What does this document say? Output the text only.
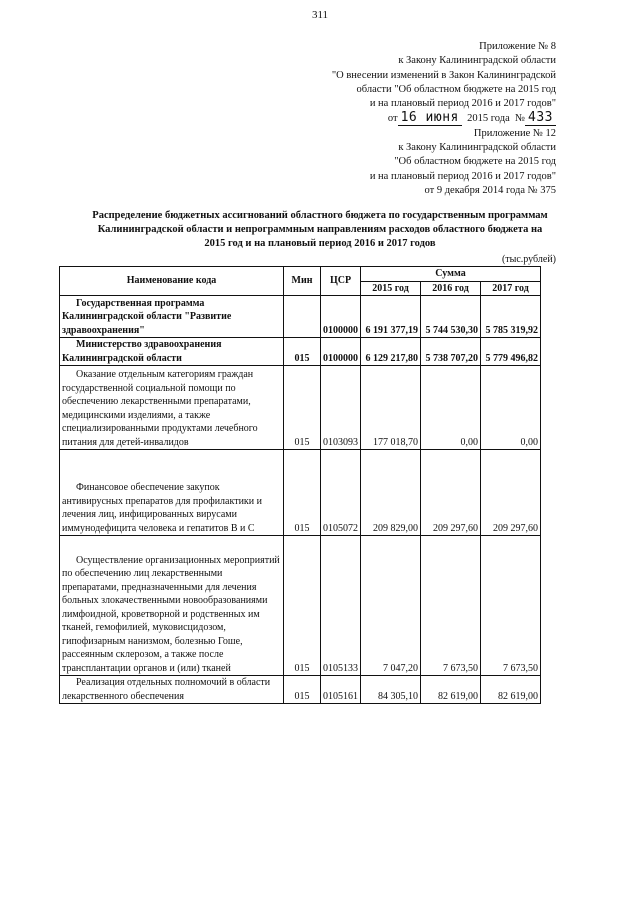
311
Приложение № 8
к Закону Калининградской области
"О внесении изменений в Закон Калининградской
области "Об областном бюджете на 2015 год
и на плановый период 2016 и 2017 годов"
от 16 июня 2015 года № 433
Приложение № 12
к Закону Калининградской области
"Об областном бюджете на 2015 год
и на плановый период 2016 и 2017 годов"
от 9 декабря 2014 года № 375
Распределение бюджетных ассигнований областного бюджета по государственным программам
Калининградской области и непрограммным направлениям расходов областного бюджета на
2015 год и на плановый период 2016 и 2017 годов
(тыс.рублей)
Наименование кода	Мин	ЦСР	Сумма		
			2015 год	2016 год	2017 год
Государственная программа Калининградской области "Развитие здравоохранения"		0100000	6 191 377,19	5 744 530,30	5 785 319,92
Министерство здравоохранения Калининградской области	015	0100000	6 129 217,80	5 738 707,20	5 779 496,82
Оказание отдельным категориям граждан государственной социальной помощи по обеспечению лекарственными препаратами, медицинскими изделиями, а также специализированными продуктами лечебного питания для детей-инвалидов	015	0103093	177 018,70	0,00	0,00
Финансовое обеспечение закупок антивирусных препаратов для профилактики и лечения лиц, инфицированных вирусами иммунодефицита человека и гепатитов В и С	015	0105072	209 829,00	209 297,60	209 297,60
Осуществление организационных мероприятий по обеспечению лиц лекарственными препаратами, предназначенными для лечения больных злокачественными новообразованиями лимфоидной, кроветворной и родственных им тканей, гемофилией, муковисцидозом, гипофизарным нанизмом, болезнью Гоше, рассеянным склерозом, а также после трансплантации органов и (или) тканей	015	0105133	7 047,20	7 673,50	7 673,50
Реализация отдельных полномочий в области лекарственного обеспечения	015	0105161	84 305,10	82 619,00	82 619,00
